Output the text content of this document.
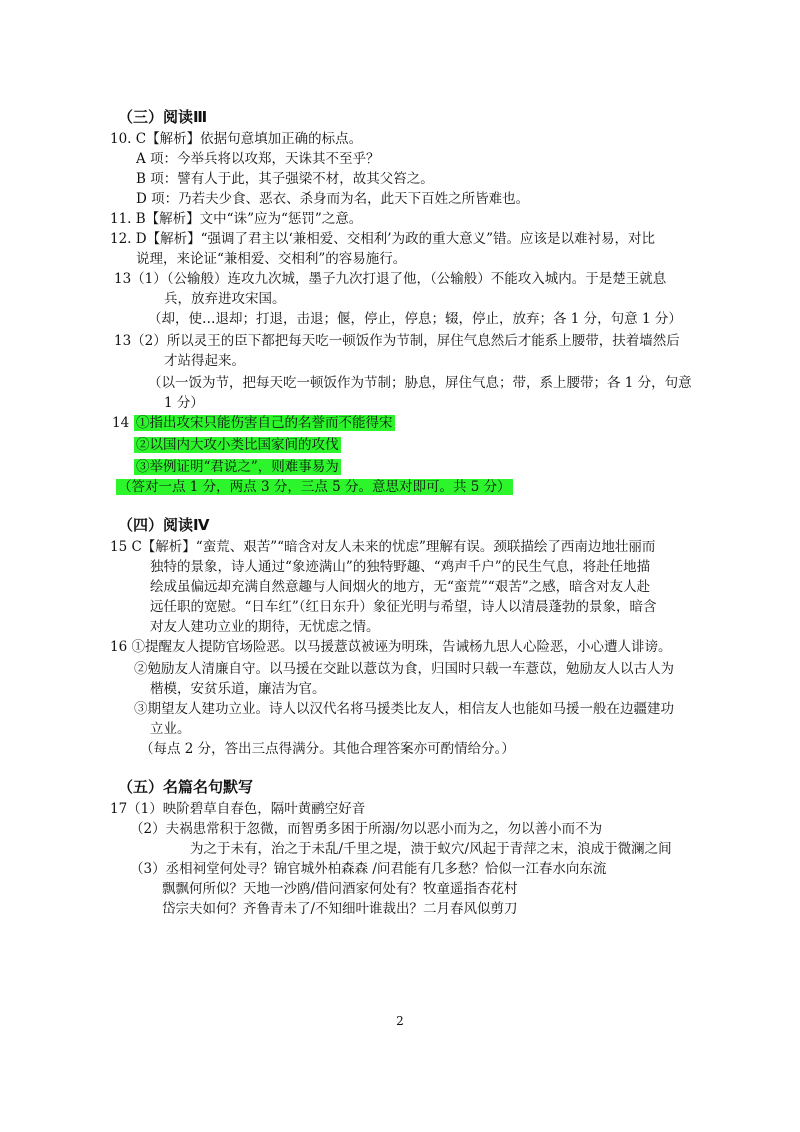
（三）阅读Ⅲ
10. C【解析】依据句意填加正确的标点。
A 项：今举兵将以攻郑，天诛其不至乎？
B 项：譬有人于此，其子强梁不材，故其父笞之。
D 项：乃若夫少食、恶衣、杀身而为名，此天下百姓之所皆难也。
11. B【解析】文中“诛”应为“惩罚”之意。
12. D【解析】“强调了君主以‘兼相爱、交相利’为政的重大意义”错。应该是以难衬易，对比
说理，来论证“兼相爱、交相利”的容易施行。
13（1）（公输般）连攻九次城，墨子九次打退了他，（公输般）不能攻入城内。于是楚王就息
兵，放弃进攻宋国。
（却，使…退却；打退，击退；偃，停止，停息；辍，停止，放弃；各 1 分，句意 1 分）
13（2）所以灵王的臣下都把每天吃一顿饭作为节制，屏住气息然后才能系上腰带，扶着墙然后
才站得起来。
（以一饭为节，把每天吃一顿饭作为节制；胁息，屏住气息；带，系上腰带；各 1 分，句意
1 分）
14 ①指出攻宋只能伤害自己的名誉而不能得宋
②以国内大攻小类比国家间的攻伐
③举例证明“君说之”，则难事易为
（答对一点 1 分，两点 3 分，三点 5 分。意思对即可。共 5 分）
（四）阅读Ⅳ
15 C【解析】“蛮荒、艰苦”“暗含对友人未来的忧虑”理解有误。颈联描绘了西南边地壮丽而
独特的景象，诗人通过“象迹满山”的独特野趣、“鸡声千户”的民生气息，将赴任地描
绘成虽偏远却充满自然意趣与人间烟火的地方，无“蛮荒”“艰苦”之感，暗含对友人赴
远任职的宽慰。“日车红”（红日东升）象征光明与希望，诗人以清晨蓬勃的景象，暗含
对友人建功立业的期待，无忧虑之情。
16 ①提醒友人提防官场险恶。以马援薏苡被诬为明珠，告诫杨九思人心险恶，小心遭人诽谤。
②勉励友人清廉自守。以马援在交趾以薏苡为食，归国时只载一车薏苡，勉励友人以古人为
楷模，安贫乐道，廉洁为官。
③期望友人建功立业。诗人以汉代名将马援类比友人，相信友人也能如马援一般在边疆建功
立业。
（每点 2 分，答出三点得满分。其他合理答案亦可酌情给分。）
（五）名篇名句默写
17（1）映阶碧草自春色，隔叶黄鹂空好音
（2）夫祸患常积于忽微，而智勇多困于所溺/勿以恶小而为之，勿以善小而不为
为之于未有，治之于未乱/千里之堤，溃于蚁穴/风起于青萍之末，浪成于微澜之间
（3）丞相祠堂何处寻？锦官城外柏森森 /问君能有几多愁？恰似一江春水向东流
飘飘何所似？天地一沙鸥/借问酒家何处有？牧童遥指杏花村
岱宗夫如何？齐鲁青未了/不知细叶谁裁出？二月春风似剪刀
2
